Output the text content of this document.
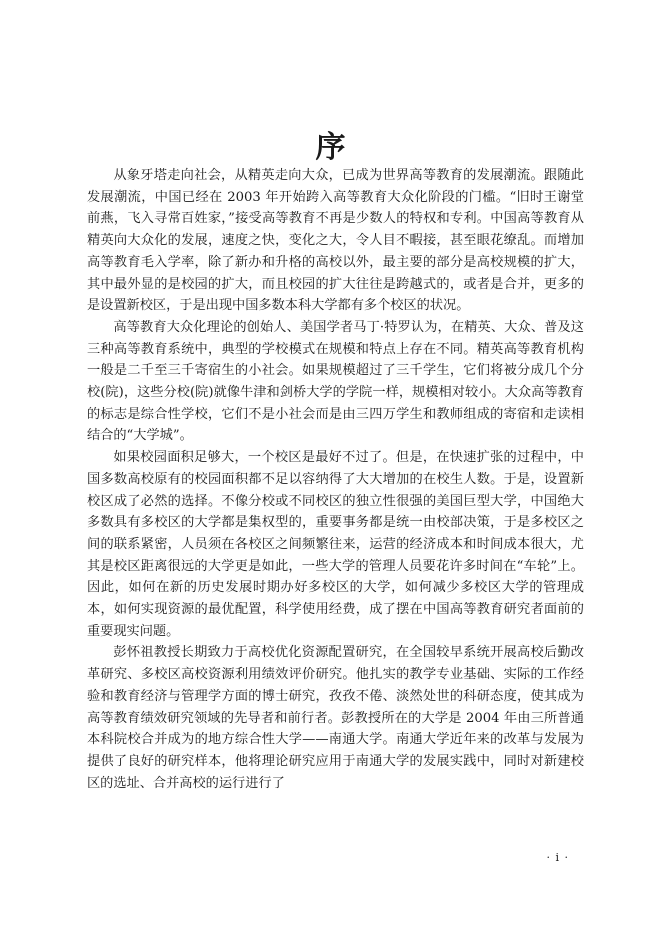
序

从象牙塔走向社会，从精英走向大众，已成为世界高等教育的发展潮流。跟随此发展潮流，中国已经在 2003 年开始跨入高等教育大众化阶段的门槛。“旧时王谢堂前燕，飞入寻常百姓家，”接受高等教育不再是少数人的特权和专利。中国高等教育从精英向大众化的发展，速度之快，变化之大，令人目不暇接，甚至眼花缭乱。而增加高等教育毛入学率，除了新办和升格的高校以外，最主要的部分是高校规模的扩大，其中最外显的是校园的扩大，而且校园的扩大往往是跨越式的，或者是合并，更多的是设置新校区，于是出现中国多数本科大学都有多个校区的状况。

高等教育大众化理论的创始人、美国学者马丁·特罗认为，在精英、大众、普及这三种高等教育系统中，典型的学校模式在规模和特点上存在不同。精英高等教育机构一般是二千至三千寄宿生的小社会。如果规模超过了三千学生，它们将被分成几个分校(院)，这些分校(院)就像牛津和剑桥大学的学院一样，规模相对较小。大众高等教育的标志是综合性学校，它们不是小社会而是由三四万学生和教师组成的寄宿和走读相结合的“大学城”。

如果校园面积足够大，一个校区是最好不过了。但是，在快速扩张的过程中，中国多数高校原有的校园面积都不足以容纳得了大大增加的在校生人数。于是，设置新校区成了必然的选择。不像分校或不同校区的独立性很强的美国巨型大学，中国绝大多数具有多校区的大学都是集权型的，重要事务都是统一由校部决策，于是多校区之间的联系紧密，人员须在各校区之间频繁往来，运营的经济成本和时间成本很大，尤其是校区距离很远的大学更是如此，一些大学的管理人员要花许多时间在“车轮”上。因此，如何在新的历史发展时期办好多校区的大学，如何减少多校区大学的管理成本，如何实现资源的最优配置，科学使用经费，成了摆在中国高等教育研究者面前的重要现实问题。

彭怀祖教授长期致力于高校优化资源配置研究，在全国较早系统开展高校后勤改革研究、多校区高校资源利用绩效评价研究。他扎实的教学专业基础、实际的工作经验和教育经济与管理学方面的博士研究，孜孜不倦、淡然处世的科研态度，使其成为高等教育绩效研究领域的先导者和前行者。彭教授所在的大学是 2004 年由三所普通本科院校合并成为的地方综合性大学——南通大学。南通大学近年来的改革与发展为提供了良好的研究样本，他将理论研究应用于南通大学的发展实践中，同时对新建校区的选址、合并高校的运行进行了

· i ·
